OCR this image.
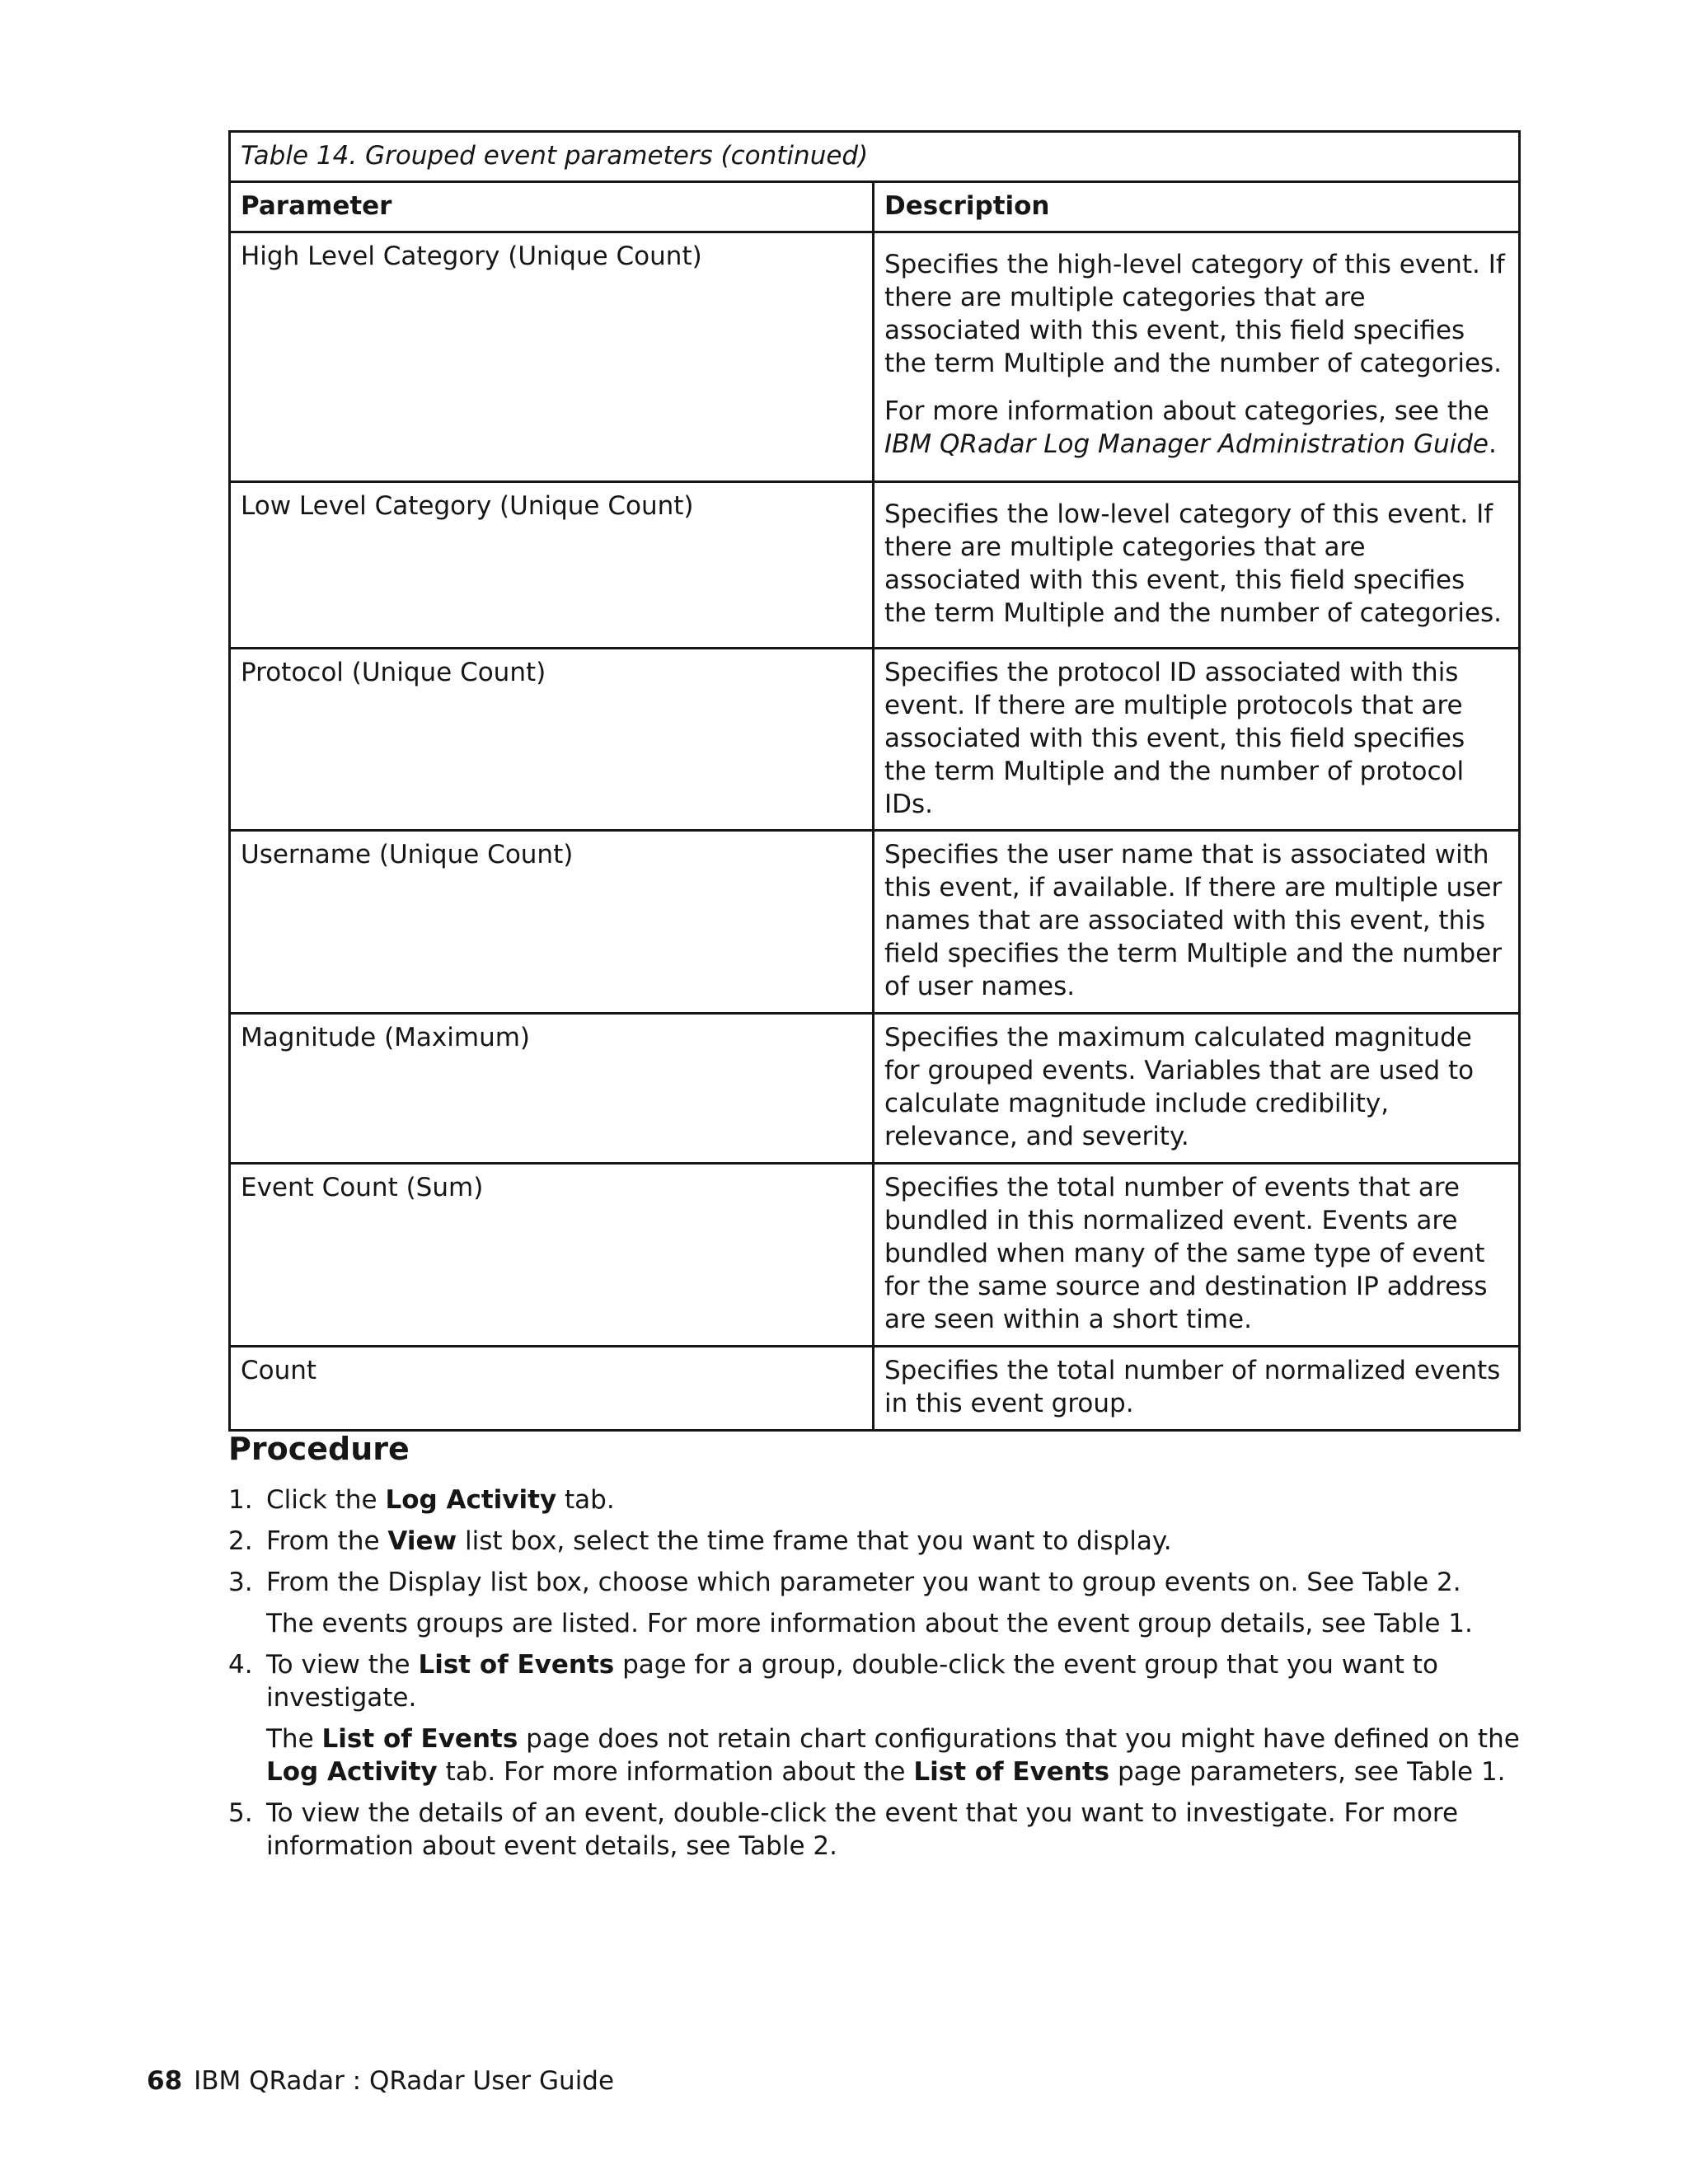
Table 14. Grouped event parameters (continued)	
Parameter	Description
High Level Category (Unique Count)	Specifies the high-level category of this event. If there are multiple categories that are associated with this event, this field specifies the term Multiple and the number of categories.

For more information about categories, see the IBM QRadar Log Manager Administration Guide.

Low Level Category (Unique Count)	Specifies the low-level category of this event. If there are multiple categories that are associated with this event, this field specifies the term Multiple and the number of categories.

Protocol (Unique Count)	Specifies the protocol ID associated with this event. If there are multiple protocols that are associated with this event, this field specifies the term Multiple and the number of protocol IDs.

Username (Unique Count)	Specifies the user name that is associated with this event, if available. If there are multiple user names that are associated with this event, this field specifies the term Multiple and the number of user names.

Magnitude (Maximum)	Specifies the maximum calculated magnitude for grouped events. Variables that are used to calculate magnitude include credibility, relevance, and severity.

Event Count (Sum)	Specifies the total number of events that are bundled in this normalized event. Events are bundled when many of the same type of event for the same source and destination IP address are seen within a short time.

Count	Specifies the total number of normalized events in this event group.

Procedure
1. Click the Log Activity tab.
2. From the View list box, select the time frame that you want to display.
3. From the Display list box, choose which parameter you want to group events on. See Table 2.
The events groups are listed. For more information about the event group details, see Table 1.
4. To view the List of Events page for a group, double-click the event group that you want to investigate.
The List of Events page does not retain chart configurations that you might have defined on the Log Activity tab. For more information about the List of Events page parameters, see Table 1.
5. To view the details of an event, double-click the event that you want to investigate. For more information about event details, see Table 2.
68 IBM QRadar : QRadar User Guide
